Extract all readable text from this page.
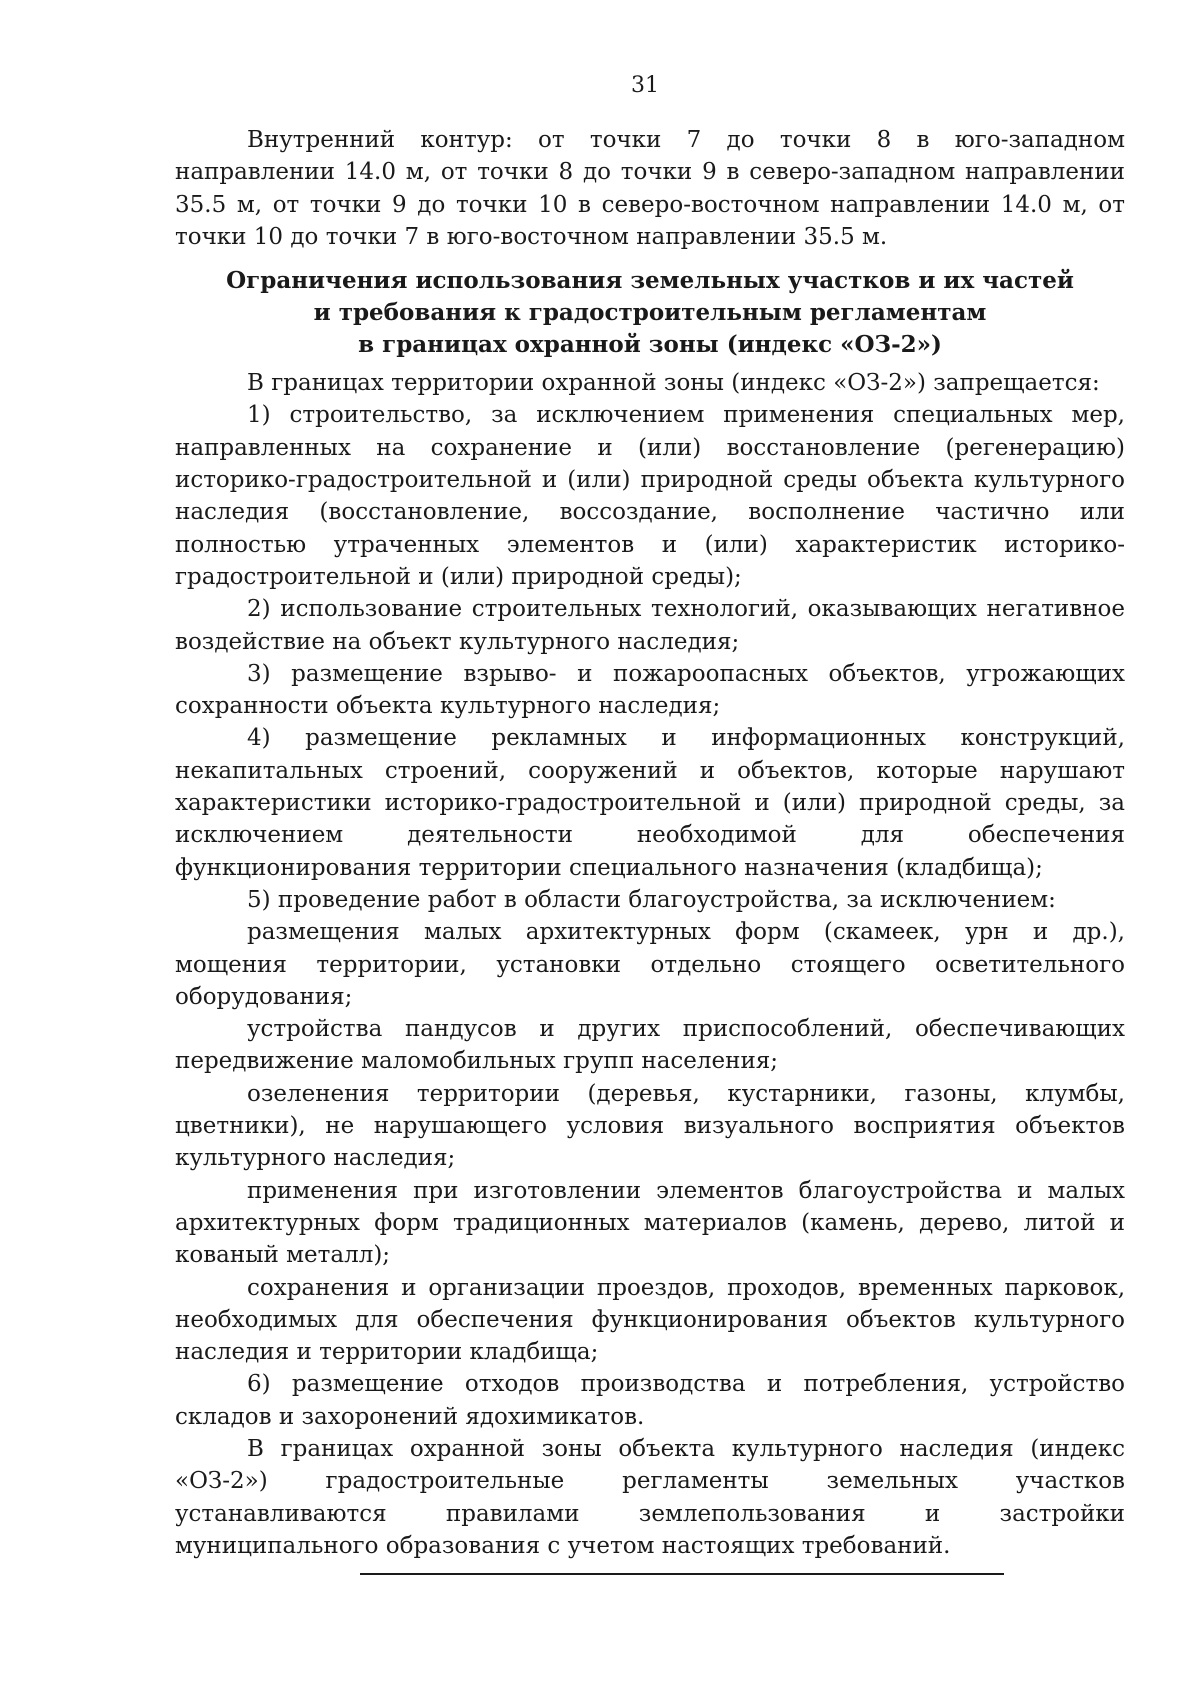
31

Внутренний контур: от точки 7 до точки 8 в юго-западном направлении 14.0 м, от точки 8 до точки 9 в северо-западном направлении 35.5 м, от точки 9 до точки 10 в северо-восточном направлении 14.0 м, от точки 10 до точки 7 в юго-восточном направлении 35.5 м.

Ограничения использования земельных участков и их частей
и требования к градостроительным регламентам
в границах охранной зоны (индекс «ОЗ-2»)

В границах территории охранной зоны (индекс «ОЗ-2») запрещается:

1) строительство, за исключением применения специальных мер, направленных на сохранение и (или) восстановление (регенерацию) историко-градостроительной и (или) природной среды объекта культурного наследия (восстановление, воссоздание, восполнение частично или полностью утраченных элементов и (или) характеристик историко-градостроительной и (или) природной среды);

2) использование строительных технологий, оказывающих негативное воздействие на объект культурного наследия;

3) размещение взрыво- и пожароопасных объектов, угрожающих сохранности объекта культурного наследия;

4) размещение рекламных и информационных конструкций, некапитальных строений, сооружений и объектов, которые нарушают характеристики историко-градостроительной и (или) природной среды, за исключением деятельности необходимой для обеспечения функционирования территории специального назначения (кладбища);

5) проведение работ в области благоустройства, за исключением:

размещения малых архитектурных форм (скамеек, урн и др.), мощения территории, установки отдельно стоящего осветительного оборудования;

устройства пандусов и других приспособлений, обеспечивающих передвижение маломобильных групп населения;

озеленения территории (деревья, кустарники, газоны, клумбы, цветники), не нарушающего условия визуального восприятия объектов культурного наследия;

применения при изготовлении элементов благоустройства и малых архитектурных форм традиционных материалов (камень, дерево, литой и кованый металл);

сохранения и организации проездов, проходов, временных парковок, необходимых для обеспечения функционирования объектов культурного наследия и территории кладбища;

6) размещение отходов производства и потребления, устройство складов и захоронений ядохимикатов.

В границах охранной зоны объекта культурного наследия (индекс «ОЗ-2») градостроительные регламенты земельных участков устанавливаются правилами землепользования и застройки муниципального образования с учетом настоящих требований.
